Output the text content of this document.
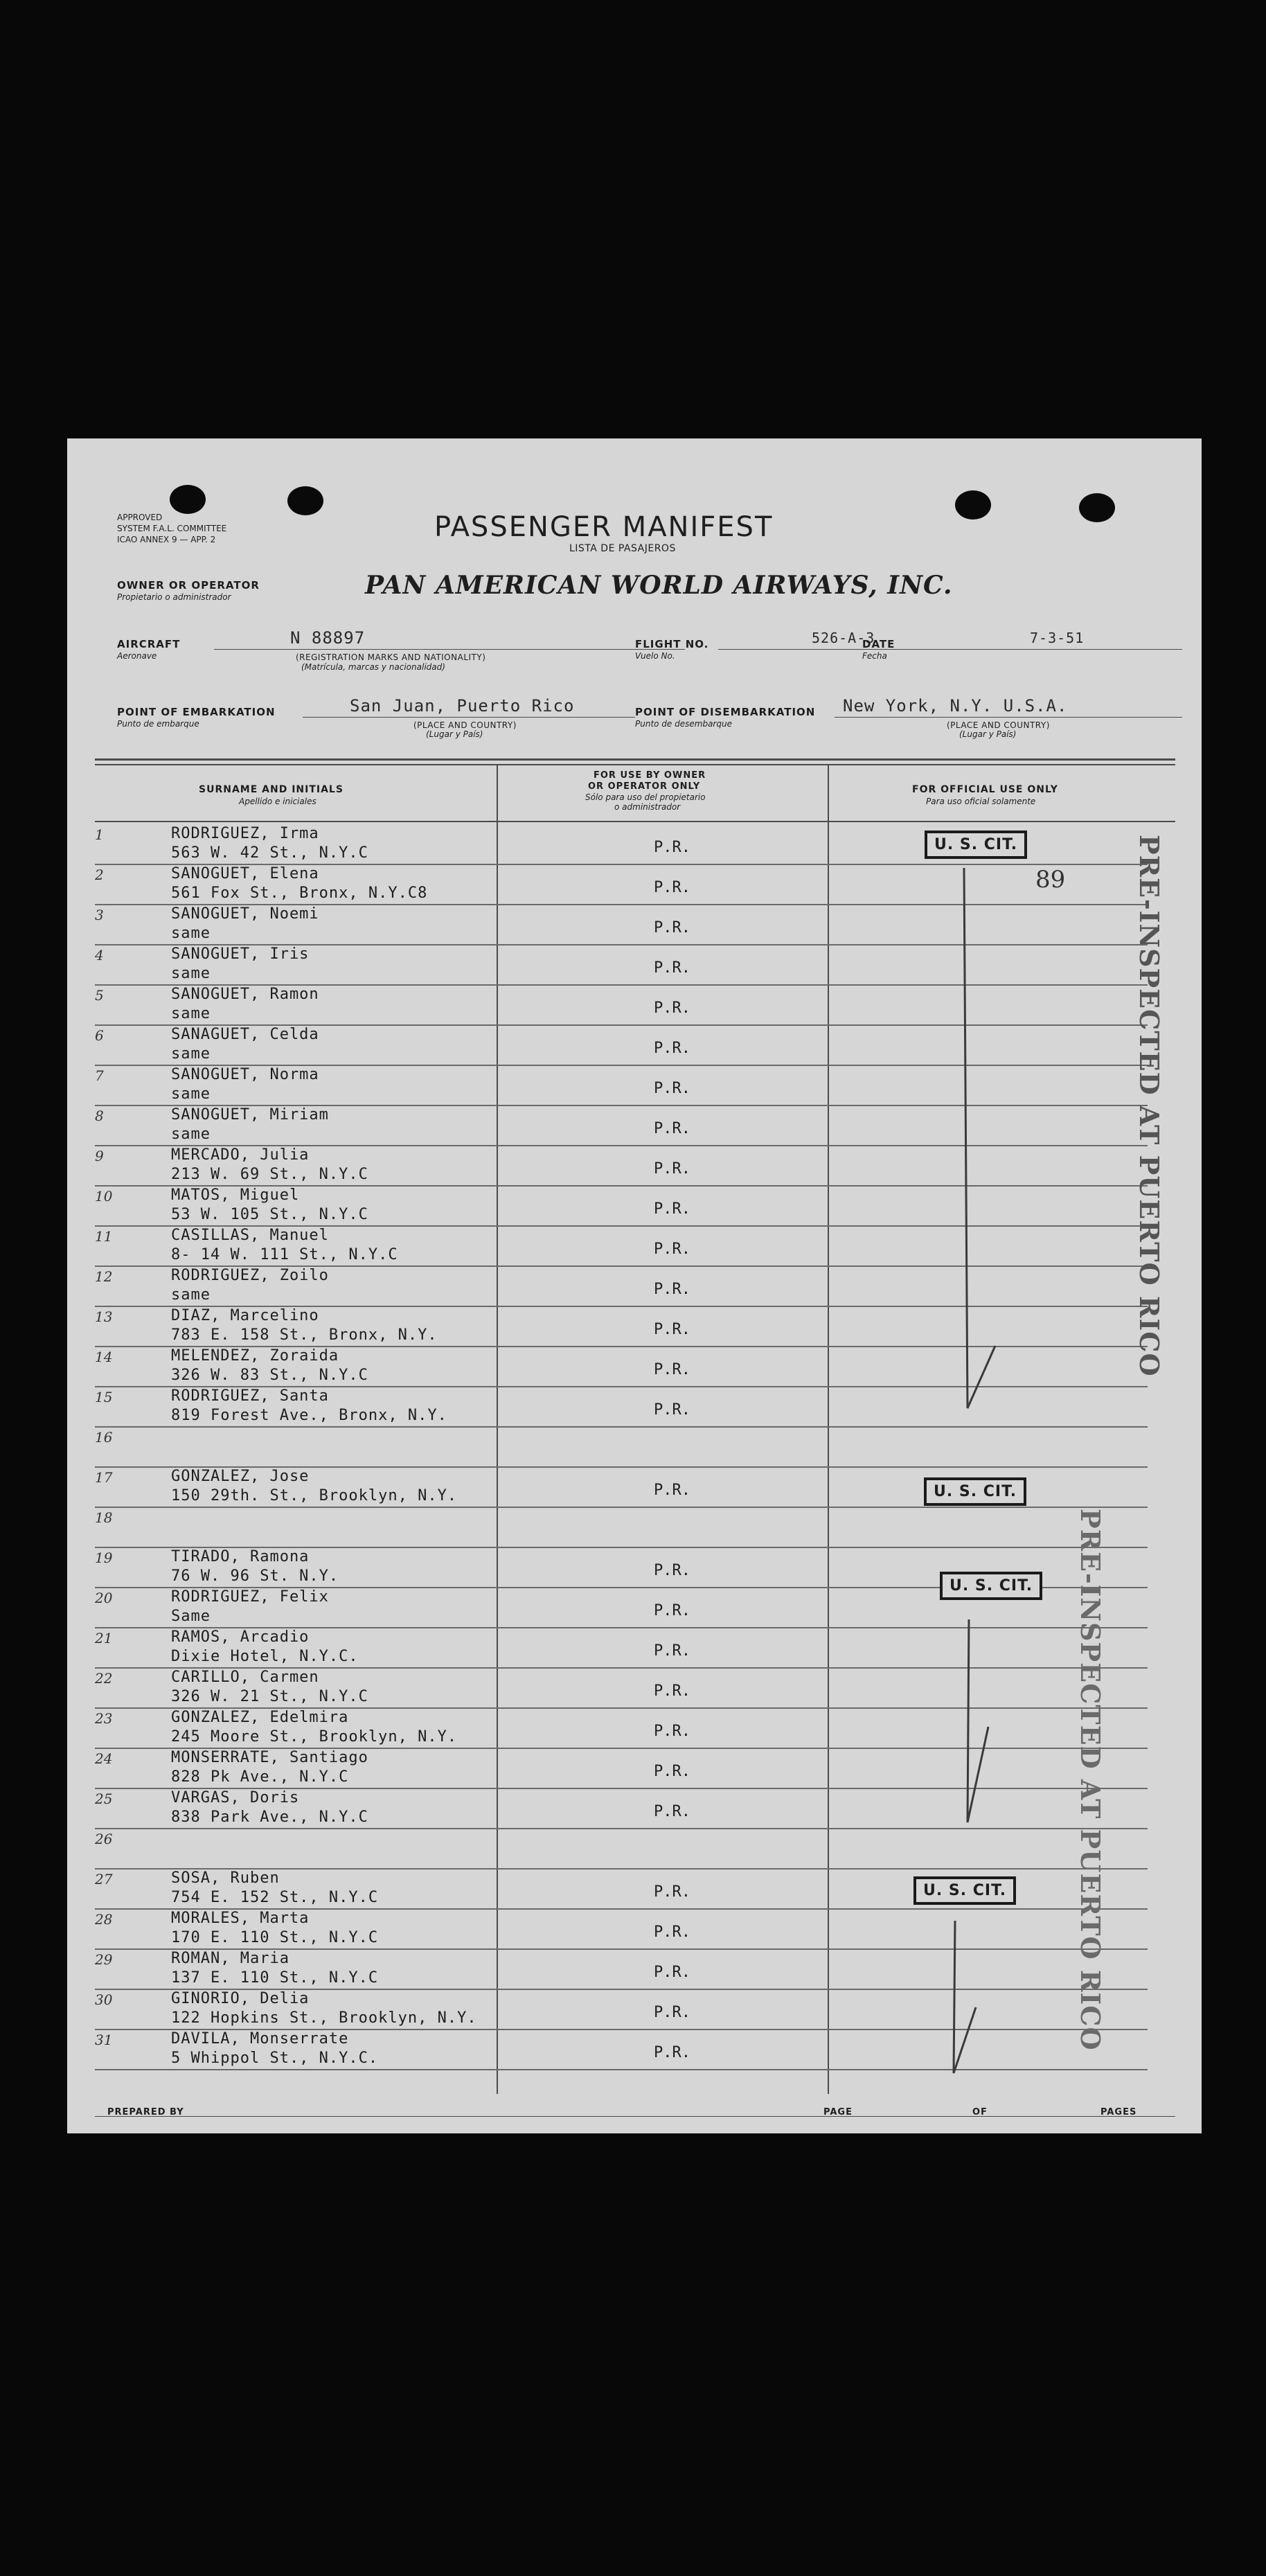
APPROVED
SYSTEM F.A.L. COMMITTEE
ICAO ANNEX 9 — APP. 2	PASSENGER MANIFEST
LISTA DE PASAJEROS
OWNER OR OPERATOR
Propietario o administrador	PAN AMERICAN WORLD AIRWAYS, INC.
AIRCRAFT
Aeronave
N 88897
(REGISTRATION MARKS AND NATIONALITY)
(Matrícula, marcas y nacionalidad)
FLIGHT NO.
Vuelo No.
526-A-3
DATE
Fecha
7-3-51
POINT OF EMBARKATION
Punto de embarque
San Juan, Puerto Rico
(PLACE AND COUNTRY)
(Lugar y País)
POINT OF DISEMBARKATION
Punto de desembarque
New York, N.Y. U.S.A.
(PLACE AND COUNTRY)
(Lugar y País)
SURNAME AND INITIALS
Apellido e iniciales
FOR USE BY OWNER
OR OPERATOR ONLY
Sólo para uso del propietario
o administrador
FOR OFFICIAL USE ONLY
Para uso oficial solamente
1	RODRIGUEZ, Irma
563 W. 42 St., N.Y.C	P.R.
2	SANOGUET, Elena
561 Fox St., Bronx, N.Y.C8	P.R.
3	SANOGUET, Noemi
same	P.R.
4	SANOGUET, Iris
same	P.R.
5	SANOGUET, Ramon
same	P.R.
6	SANAGUET, Celda
same	P.R.
7	SANOGUET, Norma
same	P.R.
8	SANOGUET, Miriam
same	P.R.
9	MERCADO, Julia
213 W. 69 St., N.Y.C	P.R.
10	MATOS, Miguel
53 W. 105 St., N.Y.C	P.R.
11	CASILLAS, Manuel
8- 14 W. 111 St., N.Y.C	P.R.
12	RODRIGUEZ, Zoilo
same	P.R.
13	DIAZ, Marcelino
783 E. 158 St., Bronx, N.Y.	P.R.
14	MELENDEZ, Zoraida
326 W. 83 St., N.Y.C	P.R.
15	RODRIGUEZ, Santa
819 Forest Ave., Bronx, N.Y.	P.R.
16
17	GONZALEZ, Jose
150 29th. St., Brooklyn, N.Y.	P.R.
18
19	TIRADO, Ramona
76 W. 96 St. N.Y.	P.R.
20	RODRIGUEZ, Felix
Same	P.R.
21	RAMOS, Arcadio
Dixie Hotel, N.Y.C.	P.R.
22	CARILLO, Carmen
326 W. 21 St., N.Y.C	P.R.
23	GONZALEZ, Edelmira
245 Moore St., Brooklyn, N.Y.	P.R.
24	MONSERRATE, Santiago
828 Pk Ave., N.Y.C	P.R.
25	VARGAS, Doris
838 Park Ave., N.Y.C	P.R.
26
27	SOSA, Ruben
754 E. 152 St., N.Y.C	P.R.
28	MORALES, Marta
170 E. 110 St., N.Y.C	P.R.
29	ROMAN, Maria
137 E. 110 St., N.Y.C	P.R.
30	GINORIO, Delia
122 Hopkins St., Brooklyn, N.Y.	P.R.
31	DAVILA, Monserrate
5 Whippol St., N.Y.C.	P.R.
U. S. CIT.
89
U. S. CIT.
U. S. CIT.
U. S. CIT.
PRE-INSPECTED AT PUERTO RICO
PRE-INSPECTED AT PUERTO RICO
PREPARED BY	PAGE	OF	PAGES
